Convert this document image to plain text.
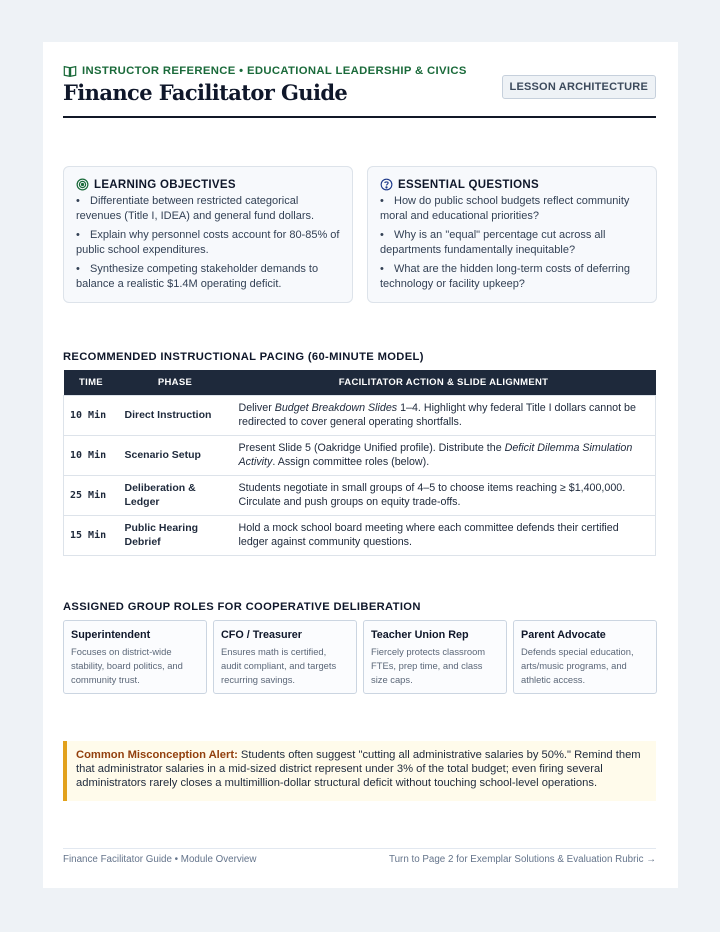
INSTRUCTOR REFERENCE • EDUCATIONAL LEADERSHIP & CIVICS
Finance Facilitator Guide	LESSON ARCHITECTURE
LEARNING OBJECTIVES
• Differentiate between restricted categorical revenues (Title I, IDEA) and general fund dollars.
• Explain why personnel costs account for 80-85% of public school expenditures.
• Synthesize competing stakeholder demands to balance a realistic $1.4M operating deficit.
ESSENTIAL QUESTIONS
• How do public school budgets reflect community moral and educational priorities?
• Why is an "equal" percentage cut across all departments fundamentally inequitable?
• What are the hidden long-term costs of deferring technology or facility upkeep?
RECOMMENDED INSTRUCTIONAL PACING (60-MINUTE MODEL)
TIME	PHASE	FACILITATOR ACTION & SLIDE ALIGNMENT
10 Min	Direct Instruction	Deliver Budget Breakdown Slides 1–4. Highlight why federal Title I dollars cannot be redirected to cover general operating shortfalls.
10 Min	Scenario Setup	Present Slide 5 (Oakridge Unified profile). Distribute the Deficit Dilemma Simulation Activity. Assign committee roles (below).
25 Min	Deliberation & Ledger	Students negotiate in small groups of 4–5 to choose items reaching ≥ $1,400,000. Circulate and push groups on equity trade-offs.
15 Min	Public Hearing Debrief	Hold a mock school board meeting where each committee defends their certified ledger against community questions.
ASSIGNED GROUP ROLES FOR COOPERATIVE DELIBERATION
Superintendent

Focuses on district-wide stability, board politics, and community trust.

CFO / Treasurer

Ensures math is certified, audit compliant, and targets recurring savings.

Teacher Union Rep

Fiercely protects classroom FTEs, prep time, and class size caps.

Parent Advocate

Defends special education, arts/music programs, and athletic access.

Common Misconception Alert: Students often suggest "cutting all administrative salaries by 50%." Remind them that administrator salaries in a mid-sized district represent under 3% of the total budget; even firing several administrators rarely closes a multimillion-dollar structural deficit without touching school-level operations.
Finance Facilitator Guide • Module Overview	Turn to Page 2 for Exemplar Solutions & Evaluation Rubric →
